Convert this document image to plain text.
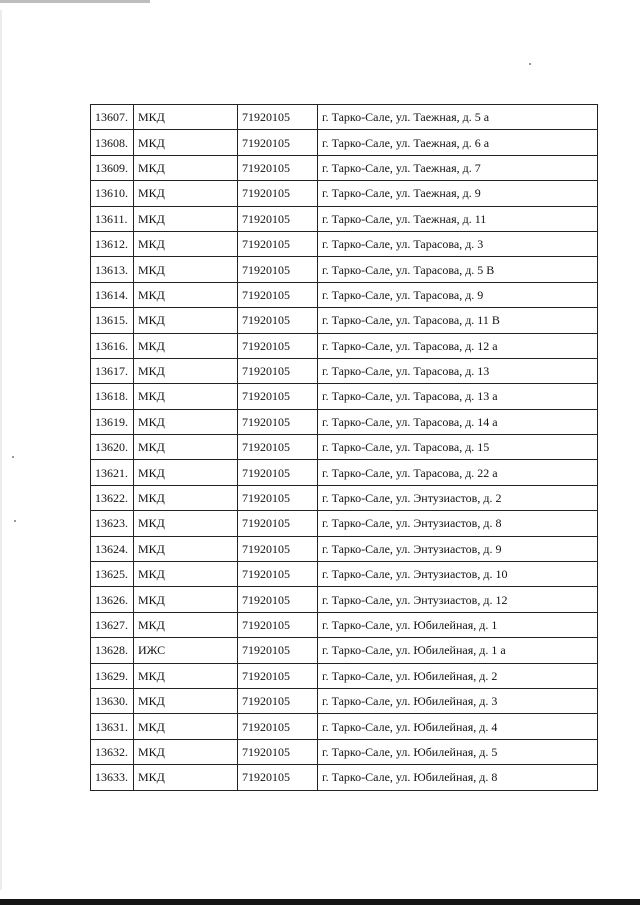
13607.	МКД	71920105	г. Тарко-Сале, ул. Таежная, д. 5 а
13608.	МКД	71920105	г. Тарко-Сале, ул. Таежная, д. 6 а
13609.	МКД	71920105	г. Тарко-Сале, ул. Таежная, д. 7
13610.	МКД	71920105	г. Тарко-Сале, ул. Таежная, д. 9
13611.	МКД	71920105	г. Тарко-Сале, ул. Таежная, д. 11
13612.	МКД	71920105	г. Тарко-Сале, ул. Тарасова, д. 3
13613.	МКД	71920105	г. Тарко-Сале, ул. Тарасова, д. 5 В
13614.	МКД	71920105	г. Тарко-Сале, ул. Тарасова, д. 9
13615.	МКД	71920105	г. Тарко-Сале, ул. Тарасова, д. 11 В
13616.	МКД	71920105	г. Тарко-Сале, ул. Тарасова, д. 12 а
13617.	МКД	71920105	г. Тарко-Сале, ул. Тарасова, д. 13
13618.	МКД	71920105	г. Тарко-Сале, ул. Тарасова, д. 13 а
13619.	МКД	71920105	г. Тарко-Сале, ул. Тарасова, д. 14 а
13620.	МКД	71920105	г. Тарко-Сале, ул. Тарасова, д. 15
13621.	МКД	71920105	г. Тарко-Сале, ул. Тарасова, д. 22 а
13622.	МКД	71920105	г. Тарко-Сале, ул. Энтузиастов, д. 2
13623.	МКД	71920105	г. Тарко-Сале, ул. Энтузиастов, д. 8
13624.	МКД	71920105	г. Тарко-Сале, ул. Энтузиастов, д. 9
13625.	МКД	71920105	г. Тарко-Сале, ул. Энтузиастов, д. 10
13626.	МКД	71920105	г. Тарко-Сале, ул. Энтузиастов, д. 12
13627.	МКД	71920105	г. Тарко-Сале, ул. Юбилейная, д. 1
13628.	ИЖС	71920105	г. Тарко-Сале, ул. Юбилейная, д. 1 а
13629.	МКД	71920105	г. Тарко-Сале, ул. Юбилейная, д. 2
13630.	МКД	71920105	г. Тарко-Сале, ул. Юбилейная, д. 3
13631.	МКД	71920105	г. Тарко-Сале, ул. Юбилейная, д. 4
13632.	МКД	71920105	г. Тарко-Сале, ул. Юбилейная, д. 5
13633.	МКД	71920105	г. Тарко-Сале, ул. Юбилейная, д. 8
